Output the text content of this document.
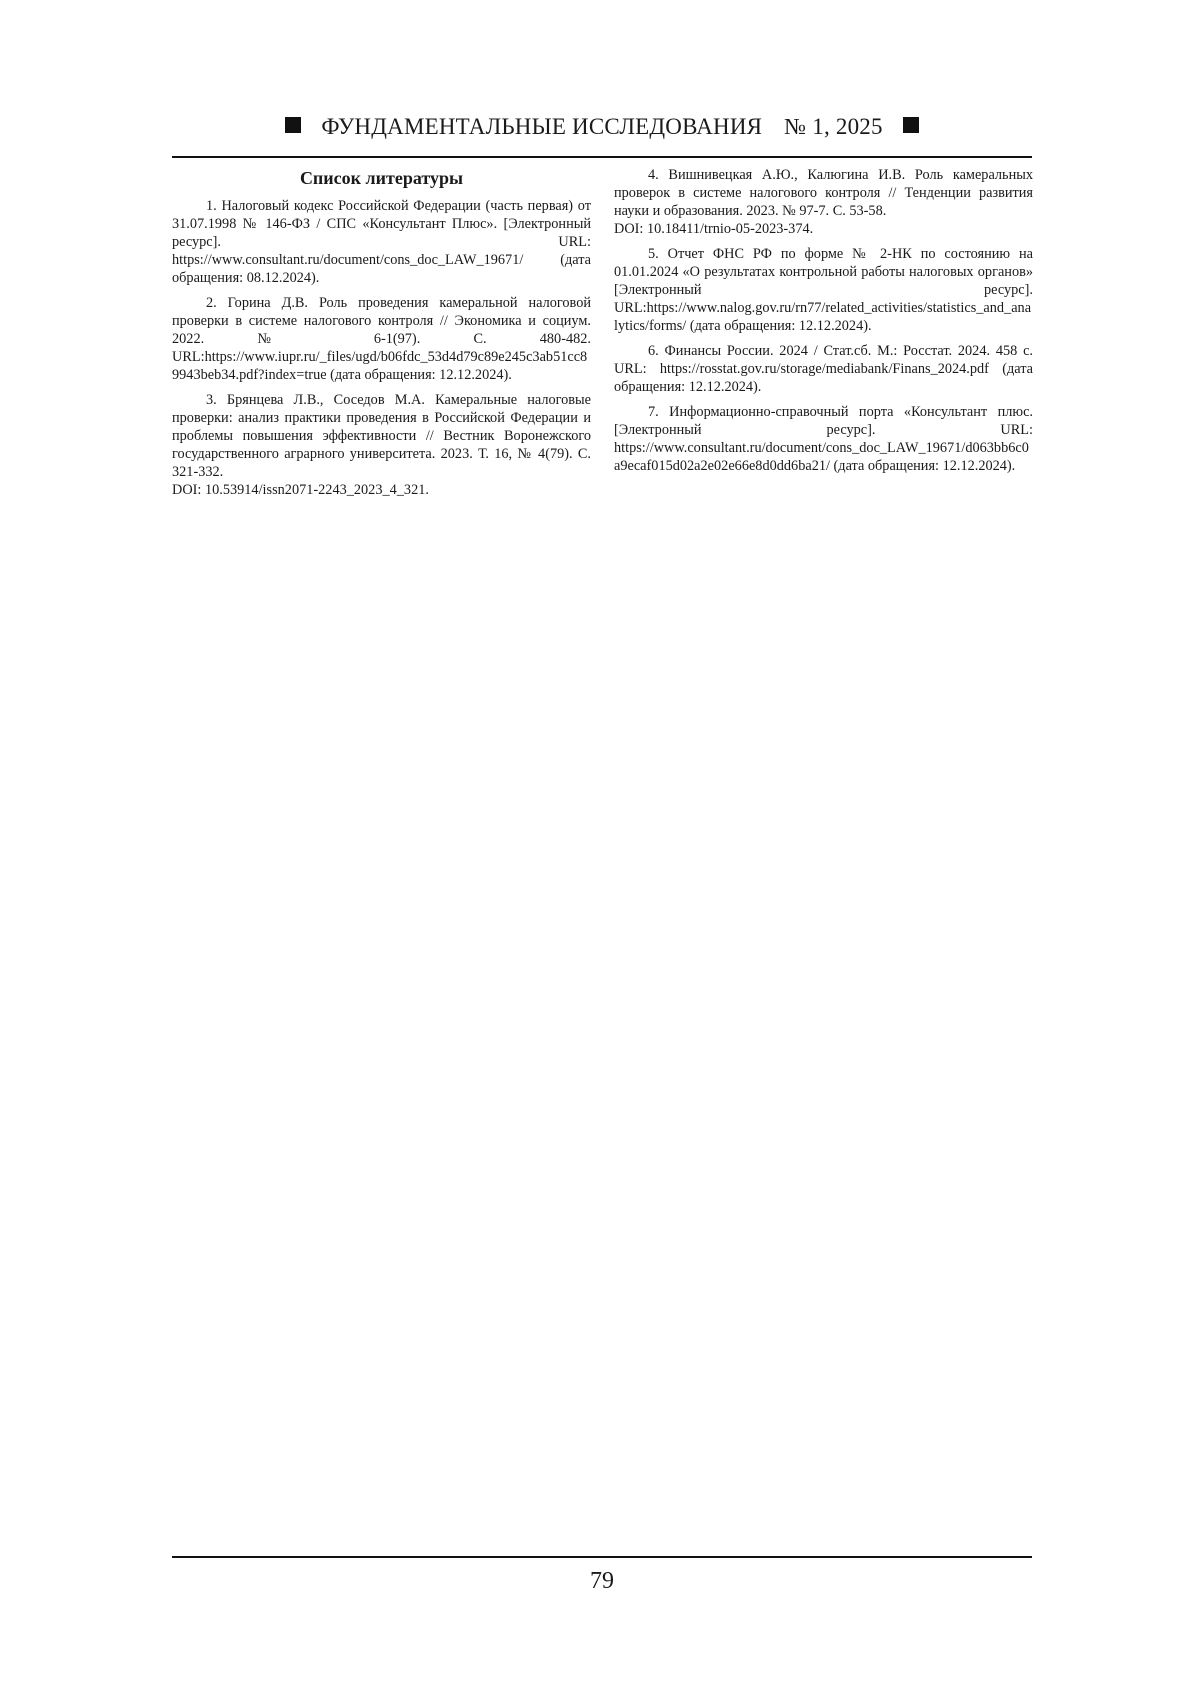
ФУНДАМЕНТАЛЬНЫЕ ИССЛЕДОВАНИЯ № 1, 2025
Список литературы

1. Налоговый кодекс Российской Федерации (часть первая) от 31.07.1998 № 146-ФЗ / СПС «Консультант Плюс». [Электронный ресурс]. URL: https://www.consultant.ru/document/cons_doc_LAW_19671/ (дата обращения: 08.12.2024).

2. Горина Д.В. Роль проведения камеральной налоговой проверки в системе налогового контроля // Экономика и социум. 2022. № 6-1(97). С. 480-482. URL:https://www.iupr.ru/_files/ugd/b06fdc_53d4d79c89e245c3ab51cc89943beb34.pdf?index=true (дата обращения: 12.12.2024).

3. Брянцева Л.В., Соседов М.А. Камеральные налоговые проверки: анализ практики проведения в Российской Федерации и проблемы повышения эффективности // Вестник Воронежского государственного аграрного университета. 2023. Т. 16, № 4(79). С. 321-332.
DOI: 10.53914/issn2071-2243_2023_4_321.

4. Вишнивецкая А.Ю., Калюгина И.В. Роль камеральных проверок в системе налогового контроля // Тенденции развития науки и образования. 2023. № 97-7. С. 53-58.
DOI: 10.18411/trnio-05-2023-374.

5. Отчет ФНС РФ по форме № 2-НК по состоянию на 01.01.2024 «О результатах контрольной работы налоговых органов» [Электронный ресурс]. URL:https://www.nalog.gov.ru/rn77/related_activities/statistics_and_analytics/forms/ (дата обращения: 12.12.2024).

6. Финансы России. 2024 / Стат.сб. М.: Росстат. 2024. 458 с. URL: https://rosstat.gov.ru/storage/mediabank/Finans_2024.pdf (дата обращения: 12.12.2024).

7. Информационно-справочный порта «Консультант плюс. [Электронный ресурс]. URL: https://www.consultant.ru/document/cons_doc_LAW_19671/d063bb6c0a9ecaf015d02a2e02e66e8d0dd6ba21/ (дата обращения: 12.12.2024).

79
